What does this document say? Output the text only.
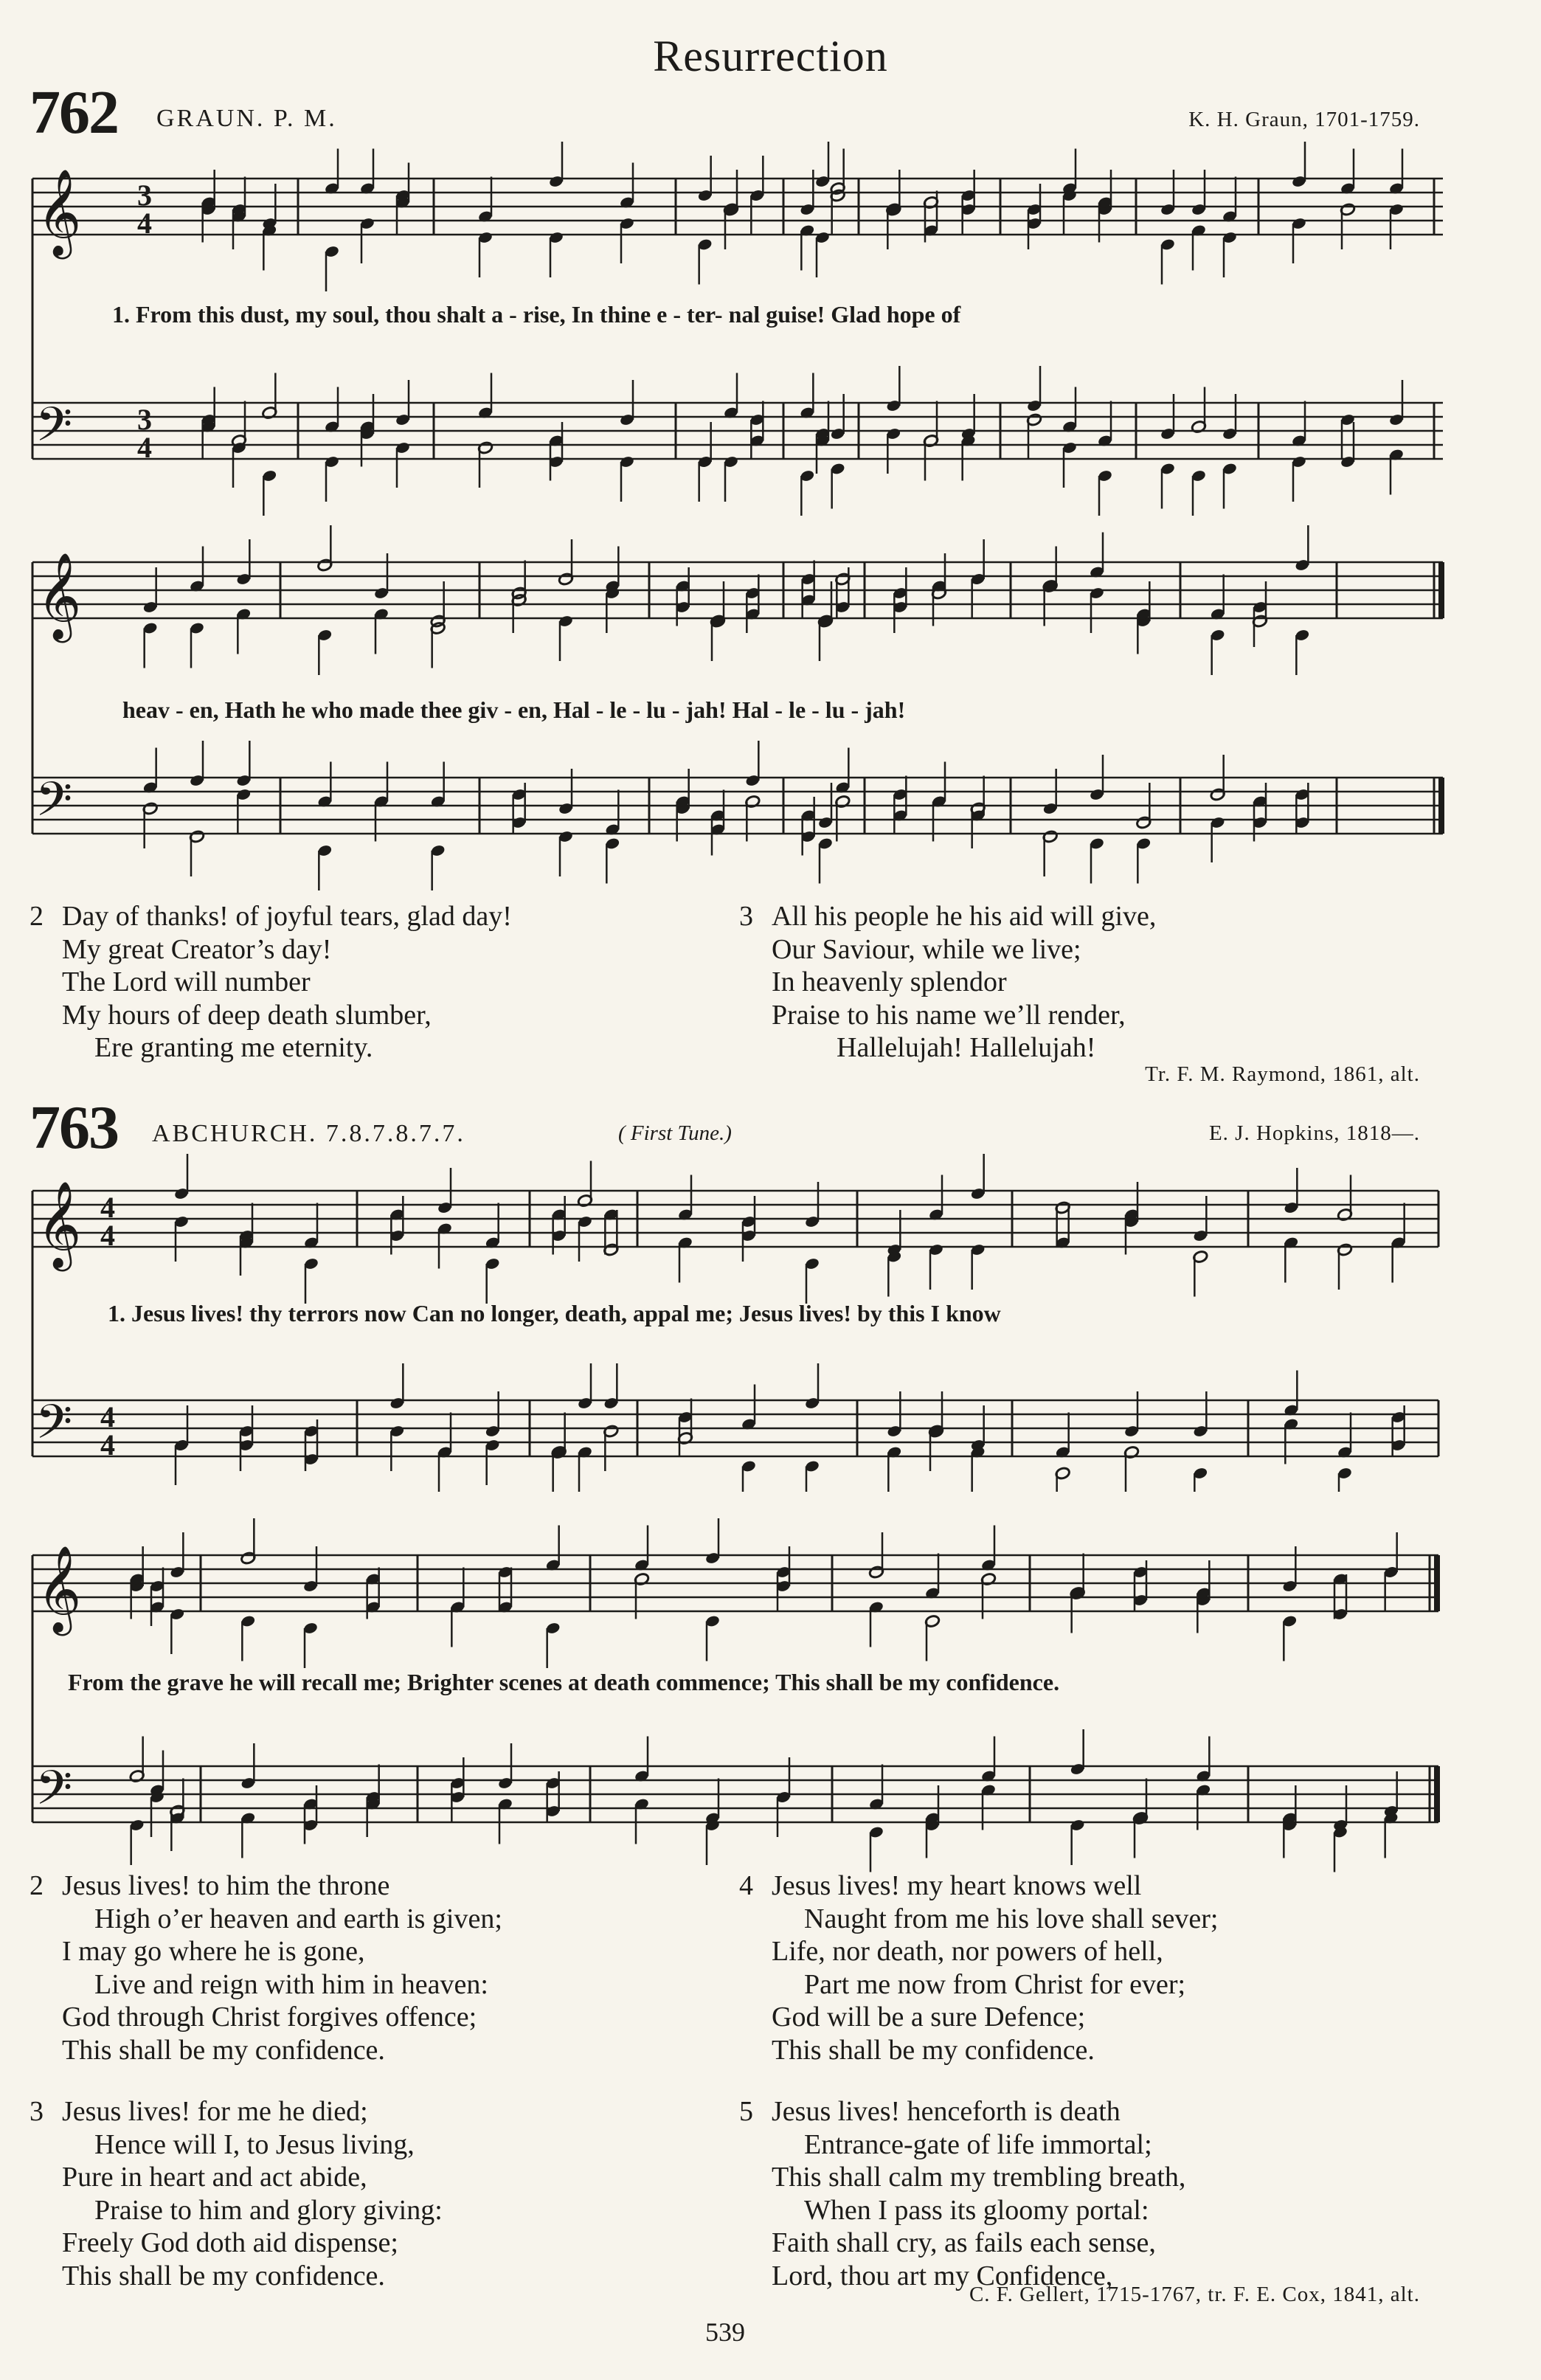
Resurrection
762 GRAUN. P. M.	K. H. Graun, 1701-1759.
𝄞 3
4
𝄢 3
4
1. From this dust, my soul, thou shalt a - rise, In thine e - ter- nal guise! Glad hope of
𝄞
𝄢
heav - en, Hath he who made thee giv - en, Hal - le - lu - jah! Hal - le - lu - jah!
2 Day of thanks! of joyful tears, glad day!
My great Creator’s day!
The Lord will number
My hours of deep death slumber,
Ere granting me eternity.
3 All his people he his aid will give,
Our Saviour, while we live;
In heavenly splendor
Praise to his name we’ll render,
Hallelujah! Hallelujah!
Tr. F. M. Raymond, 1861, alt.
763 ABCHURCH. 7.8.7.8.7.7.	( First Tune.)	E. J. Hopkins, 1818—.
𝄞 4
4
𝄢 4
4
1. Jesus lives! thy terrors now Can no longer, death, appal me; Jesus lives! by this I know
𝄞
𝄢
From the grave he will recall me; Brighter scenes at death commence; This shall be my confidence.
2 Jesus lives! to him the throne
High o’er heaven and earth is given;
I may go where he is gone,
Live and reign with him in heaven:
God through Christ forgives offence;
This shall be my confidence.
4 Jesus lives! my heart knows well
Naught from me his love shall sever;
Life, nor death, nor powers of hell,
Part me now from Christ for ever;
God will be a sure Defence;
This shall be my confidence.
3 Jesus lives! for me he died;
Hence will I, to Jesus living,
Pure in heart and act abide,
Praise to him and glory giving:
Freely God doth aid dispense;
This shall be my confidence.
5 Jesus lives! henceforth is death
Entrance-gate of life immortal;
This shall calm my trembling breath,
When I pass its gloomy portal:
Faith shall cry, as fails each sense,
Lord, thou art my Confidence,
C. F. Gellert, 1715-1767, tr. F. E. Cox, 1841, alt.
539
